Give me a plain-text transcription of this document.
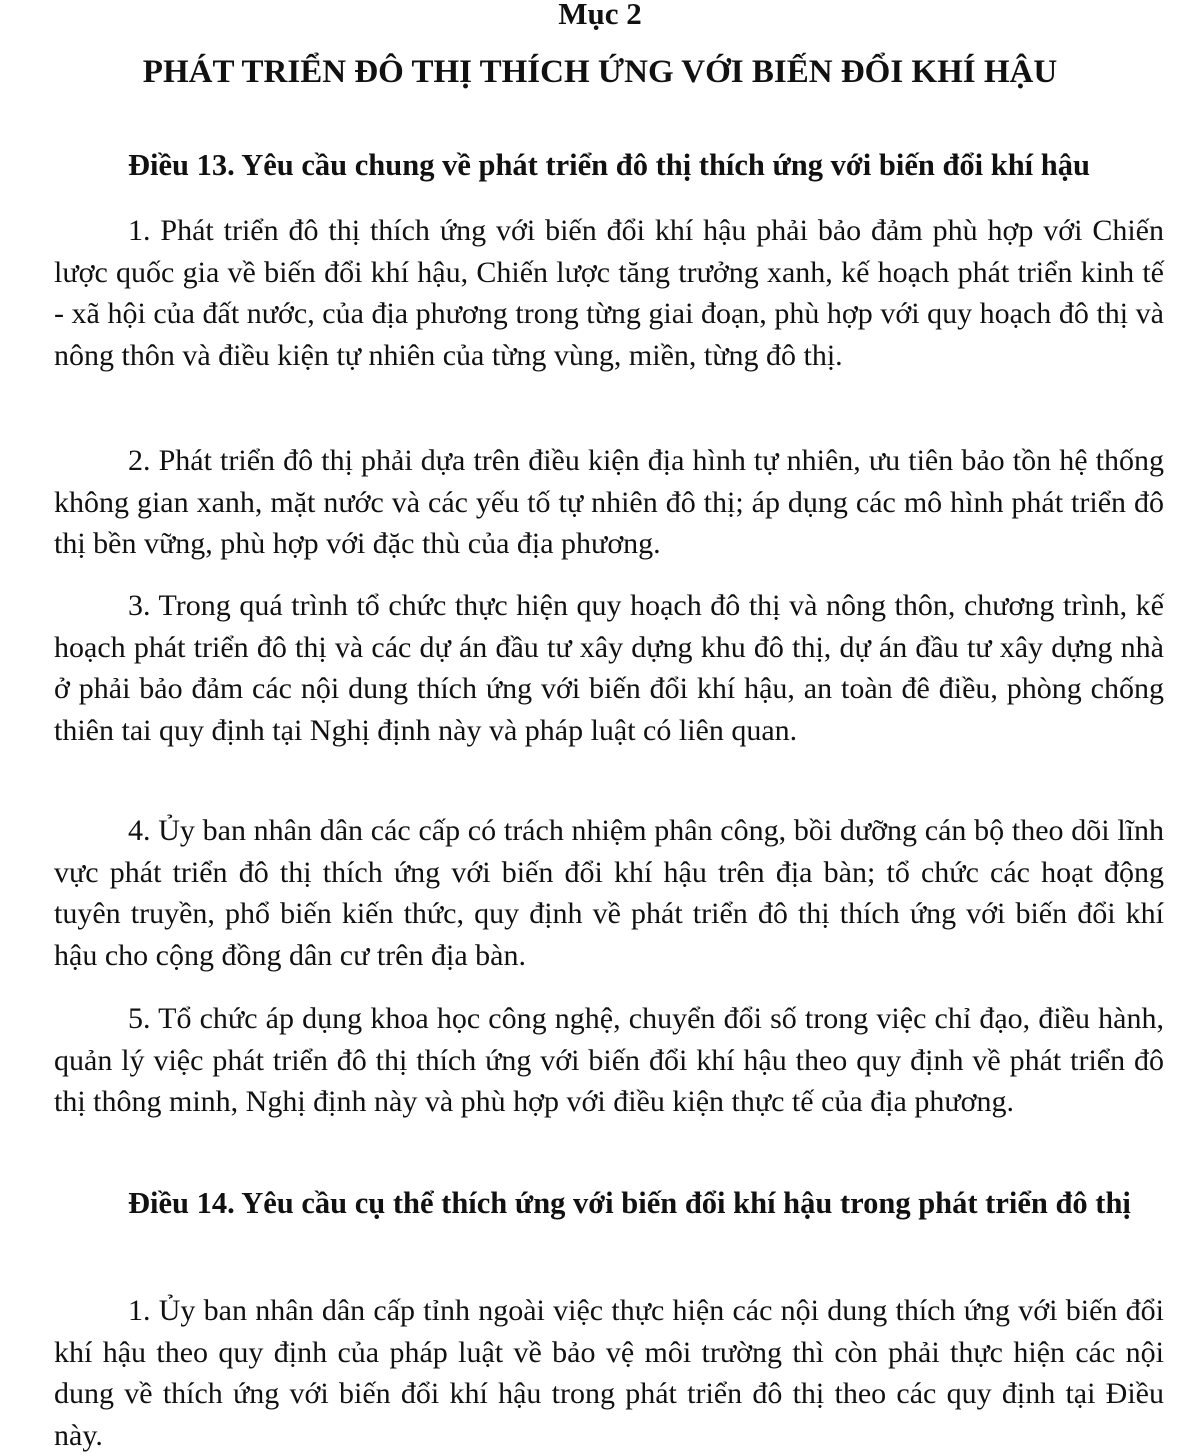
Mục 2
PHÁT TRIỂN ĐÔ THỊ THÍCH ỨNG VỚI BIẾN ĐỔI KHÍ HẬU
Điều 13. Yêu cầu chung về phát triển đô thị thích ứng với biến đổi khí hậu
1. Phát triển đô thị thích ứng với biến đổi khí hậu phải bảo đảm phù hợp với Chiến lược quốc gia về biến đổi khí hậu, Chiến lược tăng trưởng xanh, kế hoạch phát triển kinh tế - xã hội của đất nước, của địa phương trong từng giai đoạn, phù hợp với quy hoạch đô thị và nông thôn và điều kiện tự nhiên của từng vùng, miền, từng đô thị.
2. Phát triển đô thị phải dựa trên điều kiện địa hình tự nhiên, ưu tiên bảo tồn hệ thống không gian xanh, mặt nước và các yếu tố tự nhiên đô thị; áp dụng các mô hình phát triển đô thị bền vững, phù hợp với đặc thù của địa phương.
3. Trong quá trình tổ chức thực hiện quy hoạch đô thị và nông thôn, chương trình, kế hoạch phát triển đô thị và các dự án đầu tư xây dựng khu đô thị, dự án đầu tư xây dựng nhà ở phải bảo đảm các nội dung thích ứng với biến đổi khí hậu, an toàn đê điều, phòng chống thiên tai quy định tại Nghị định này và pháp luật có liên quan.
4. Ủy ban nhân dân các cấp có trách nhiệm phân công, bồi dưỡng cán bộ theo dõi lĩnh vực phát triển đô thị thích ứng với biến đổi khí hậu trên địa bàn; tổ chức các hoạt động tuyên truyền, phổ biến kiến thức, quy định về phát triển đô thị thích ứng với biến đổi khí hậu cho cộng đồng dân cư trên địa bàn.
5. Tổ chức áp dụng khoa học công nghệ, chuyển đổi số trong việc chỉ đạo, điều hành, quản lý việc phát triển đô thị thích ứng với biến đổi khí hậu theo quy định về phát triển đô thị thông minh, Nghị định này và phù hợp với điều kiện thực tế của địa phương.
Điều 14. Yêu cầu cụ thể thích ứng với biến đổi khí hậu trong phát triển đô thị
1. Ủy ban nhân dân cấp tỉnh ngoài việc thực hiện các nội dung thích ứng với biến đổi khí hậu theo quy định của pháp luật về bảo vệ môi trường thì còn phải thực hiện các nội dung về thích ứng với biến đổi khí hậu trong phát triển đô thị theo các quy định tại Điều này.
